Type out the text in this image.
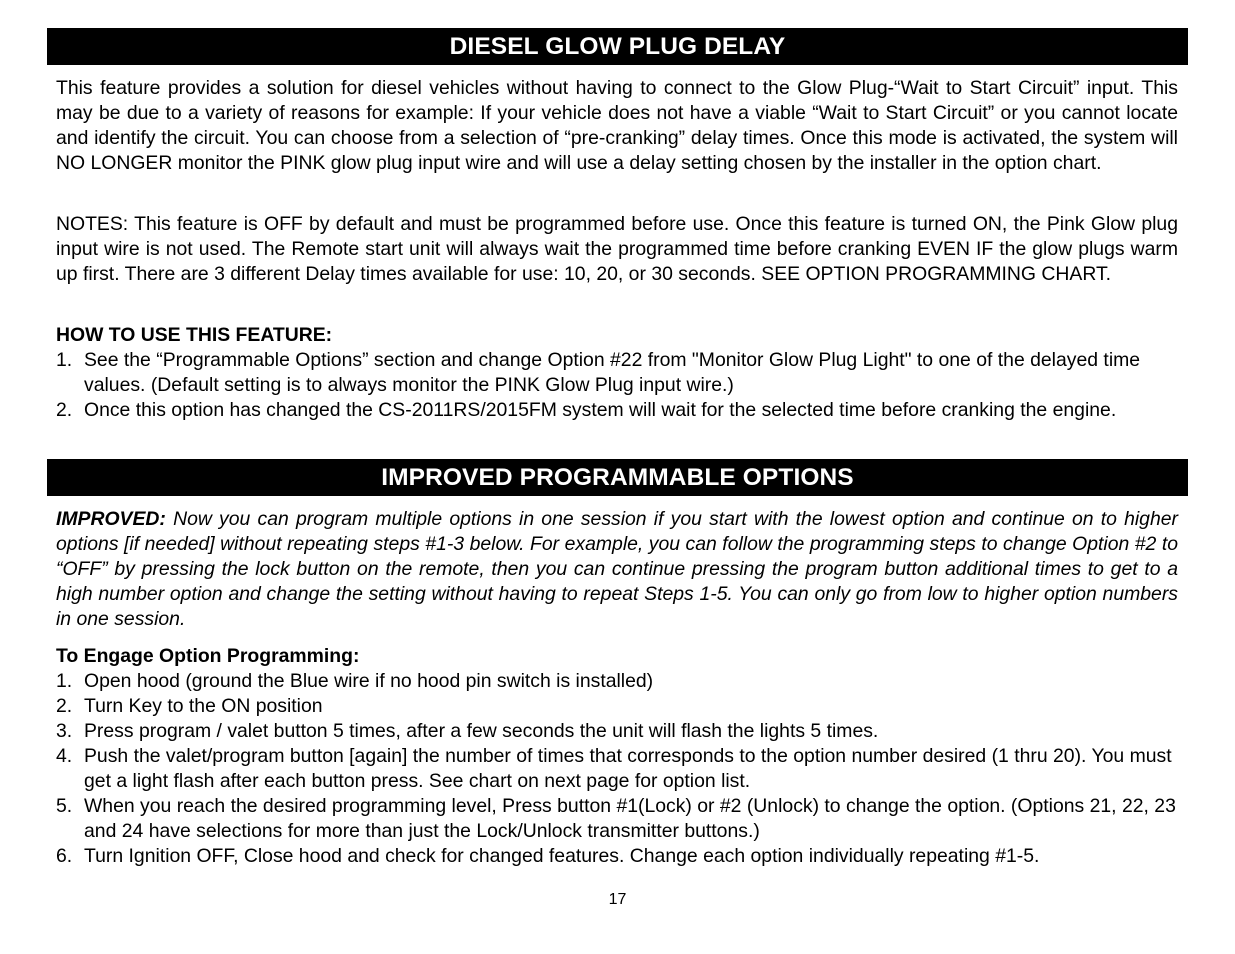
DIESEL GLOW PLUG DELAY

This feature provides a solution for diesel vehicles without having to connect to the Glow Plug-“Wait to Start Circuit” input. This may be due to a variety of reasons for example: If your vehicle does not have a viable “Wait to Start Circuit” or you cannot locate and identify the circuit. You can choose from a selection of “pre-cranking” delay times. Once this mode is activated, the system will NO LONGER monitor the PINK glow plug input wire and will use a delay setting chosen by the installer in the option chart.

NOTES: This feature is OFF by default and must be programmed before use. Once this feature is turned ON, the Pink Glow plug input wire is not used. The Remote start unit will always wait the programmed time before cranking EVEN IF the glow plugs warm up first. There are 3 different Delay times available for use: 10, 20, or 30 seconds. SEE OPTION PROGRAMMING CHART.

HOW TO USE THIS FEATURE:

1. See the “Programmable Options” section and change Option #22 from "Monitor Glow Plug Light" to one of the delayed time values. (Default setting is to always monitor the PINK Glow Plug input wire.)
2. Once this option has changed the CS-2011RS/2015FM system will wait for the selected time before cranking the engine.
IMPROVED PROGRAMMABLE OPTIONS

IMPROVED: Now you can program multiple options in one session if you start with the lowest option and continue on to higher options [if needed] without repeating steps #1-3 below. For example, you can follow the programming steps to change Option #2 to “OFF” by pressing the lock button on the remote, then you can continue pressing the program button additional times to get to a high number option and change the setting without having to repeat Steps 1-5. You can only go from low to higher option numbers in one session.

To Engage Option Programming:

1. Open hood (ground the Blue wire if no hood pin switch is installed)
2. Turn Key to the ON position
3. Press program / valet button 5 times, after a few seconds the unit will flash the lights 5 times.
4. Push the valet/program button [again] the number of times that corresponds to the option number desired (1 thru 20). You must get a light flash after each button press. See chart on next page for option list.
5. When you reach the desired programming level, Press button #1(Lock) or #2 (Unlock) to change the option. (Options 21, 22, 23 and 24 have selections for more than just the Lock/Unlock transmitter buttons.)
6. Turn Ignition OFF, Close hood and check for changed features. Change each option individually repeating #1-5.
17
